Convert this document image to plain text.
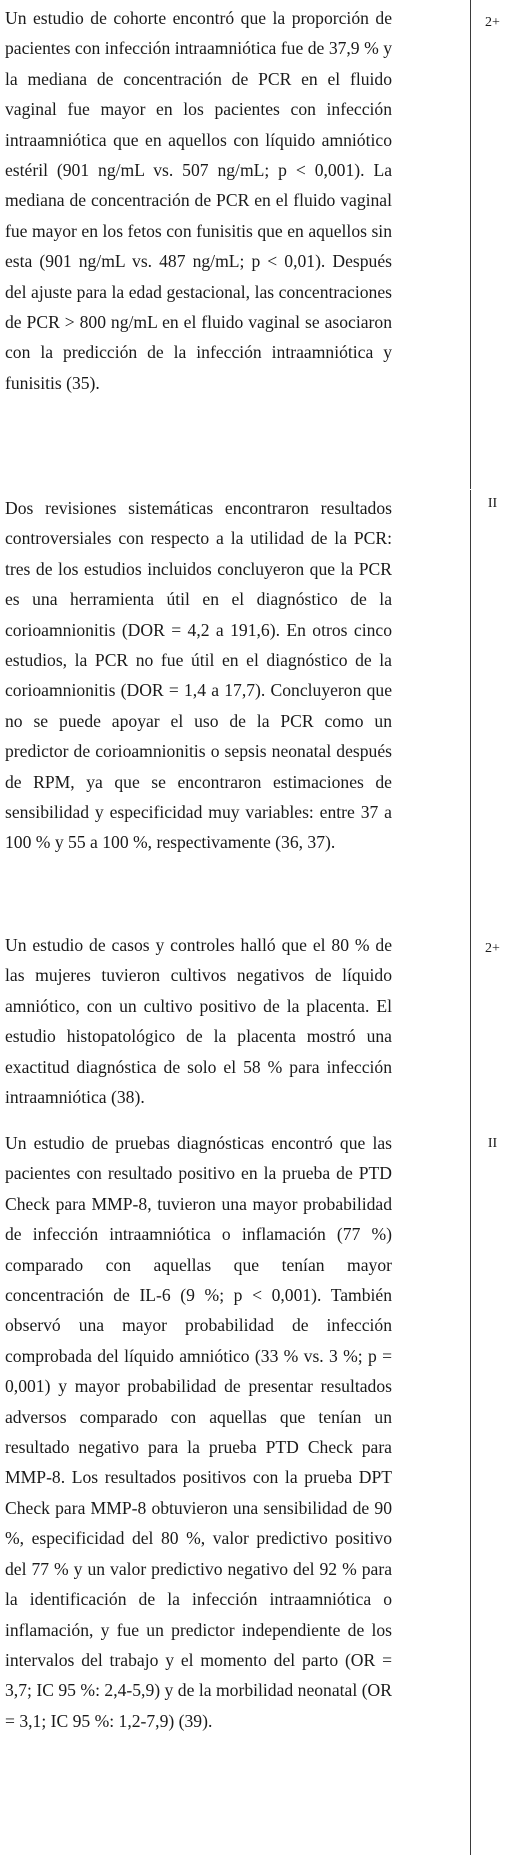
Un estudio de cohorte encontró que la proporción de pacientes con infección intraamniótica fue de 37,9 % y la mediana de concentración de PCR en el fluido vaginal fue mayor en los pacientes con infección intraamniótica que en aquellos con líquido amniótico estéril (901 ng/mL vs. 507 ng/mL; p < 0,001). La mediana de concentración de PCR en el fluido vaginal fue mayor en los fetos con funisitis que en aquellos sin esta (901 ng/mL vs. 487 ng/mL; p < 0,01). Después del ajuste para la edad gestacional, las concentraciones de PCR > 800 ng/mL en el fluido vaginal se asociaron con la predicción de la infección intraamniótica y funisitis (35).
2+
Dos revisiones sistemáticas encontraron resultados controversiales con respecto a la utilidad de la PCR: tres de los estudios incluidos concluyeron que la PCR es una herramienta útil en el diagnóstico de la corioamnionitis (DOR = 4,2 a 191,6). En otros cinco estudios, la PCR no fue útil en el diagnóstico de la corioamnionitis (DOR = 1,4 a 17,7). Concluyeron que no se puede apoyar el uso de la PCR como un predictor de corioamnionitis o sepsis neonatal después de RPM, ya que se encontraron estimaciones de sensibilidad y especificidad muy variables: entre 37 a 100 % y 55 a 100 %, respectivamente (36, 37).
II
Un estudio de casos y controles halló que el 80 % de las mujeres tuvieron cultivos negativos de líquido amniótico, con un cultivo positivo de la placenta. El estudio histopatológico de la placenta mostró una exactitud diagnóstica de solo el 58 % para infección intraamniótica (38).
2+
Un estudio de pruebas diagnósticas encontró que las pacientes con resultado positivo en la prueba de PTD Check para MMP-8, tuvieron una mayor probabilidad de infección intraamniótica o inflamación (77 %) comparado con aquellas que tenían mayor concentración de IL-6 (9 %; p < 0,001). También observó una mayor probabilidad de infección comprobada del líquido amniótico (33 % vs. 3 %; p = 0,001) y mayor probabilidad de presentar resultados adversos comparado con aquellas que tenían un resultado negativo para la prueba PTD Check para MMP-8. Los resultados positivos con la prueba DPT Check para MMP-8 obtuvieron una sensibilidad de 90 %, especificidad del 80 %, valor predictivo positivo del 77 % y un valor predictivo negativo del 92 % para la identificación de la infección intraamniótica o inflamación, y fue un predictor independiente de los intervalos del trabajo y el momento del parto (OR = 3,7; IC 95 %: 2,4-5,9) y de la morbilidad neonatal (OR = 3,1; IC 95 %: 1,2-7,9) (39).
II
